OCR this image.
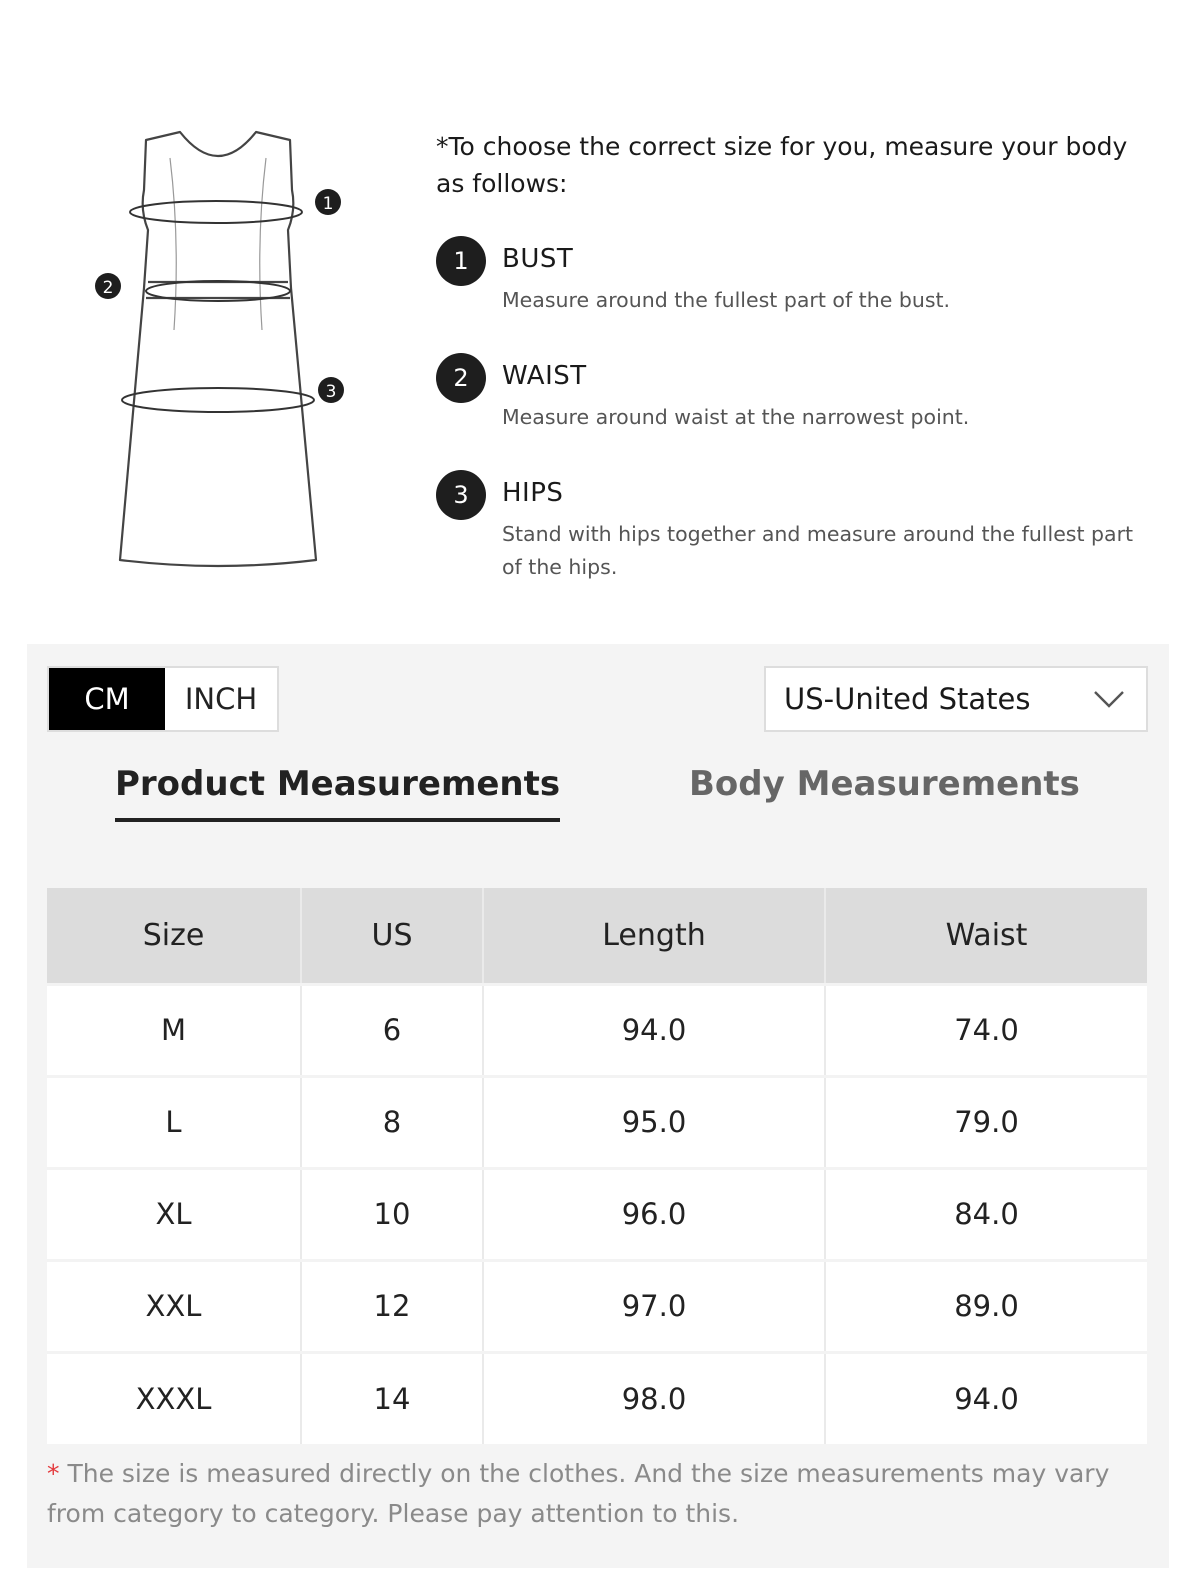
1
2
3

*To choose the correct size for you, measure your body as follows:

1	BUST
Measure around the fullest part of the bust.
2	WAIST
Measure around waist at the narrowest point.
3	HIPS
Stand with hips together and measure around the fullest part of the hips.
CM	INCH	US-United States
Product Measurements	Body Measurements
Size	US	Length	Waist
M	6	94.0	74.0
L	8	95.0	79.0
XL	10	96.0	84.0
XXL	12	97.0	89.0
XXXL	14	98.0	94.0

* The size is measured directly on the clothes. And the size measurements may vary from category to category. Please pay attention to this.
